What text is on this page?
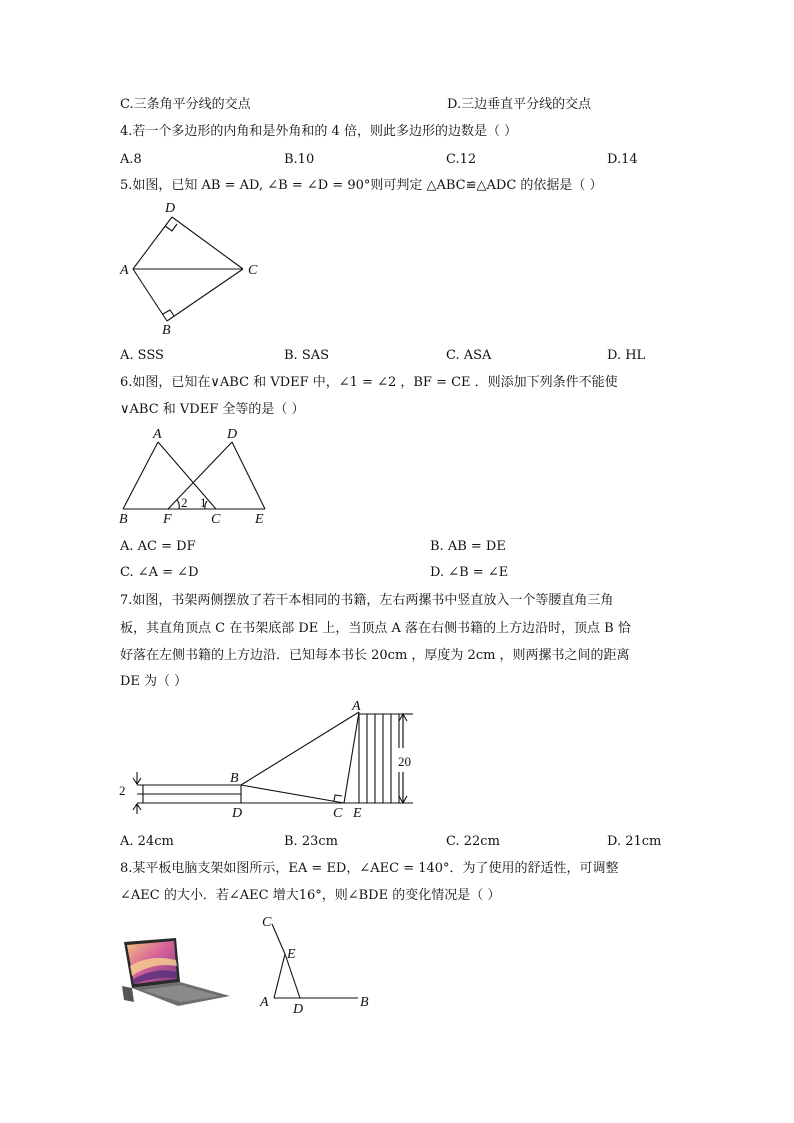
C.三条角平分线的交点	D.三边垂直平分线的交点
4.若一个多边形的内角和是外角和的 4 倍，则此多边形的边数是（ ）
A.8	B.10	C.12	D.14
5.如图，已知 AB = AD, ∠B = ∠D = 90°则可判定 △ABC≌△ADC 的依据是（ ）
D
A	C
B
A. SSS	B. SAS	C. ASA	D. HL
6.如图，已知在∨ABC 和 VDEF 中，∠1 = ∠2 ，BF = CE ．则添加下列条件不能使
∨ABC 和 VDEF 全等的是（ ）
A	D
2 1
B	F	C E
A. AC = DF	B. AB = DE
C. ∠A = ∠D	D. ∠B = ∠E
7.如图，书架两侧摆放了若干本相同的书籍，左右两摞书中竖直放入一个等腰直角三角
板，其直角顶点 C 在书架底部 DE 上，当顶点 A 落在右侧书籍的上方边沿时，顶点 B 恰
好落在左侧书籍的上方边沿．已知每本书长 20cm ，厚度为 2cm ，则两摞书之间的距离
DE 为（ ）
20
2
A
B
D	C E
A. 24cm	B. 23cm	C. 22cm	D. 21cm
8.某平板电脑支架如图所示，EA = ED，∠AEC = 140°．为了使用的舒适性，可调整
∠AEC 的大小．若∠AEC 增大16°，则∠BDE 的变化情况是（ ）
C
E
A D	B
